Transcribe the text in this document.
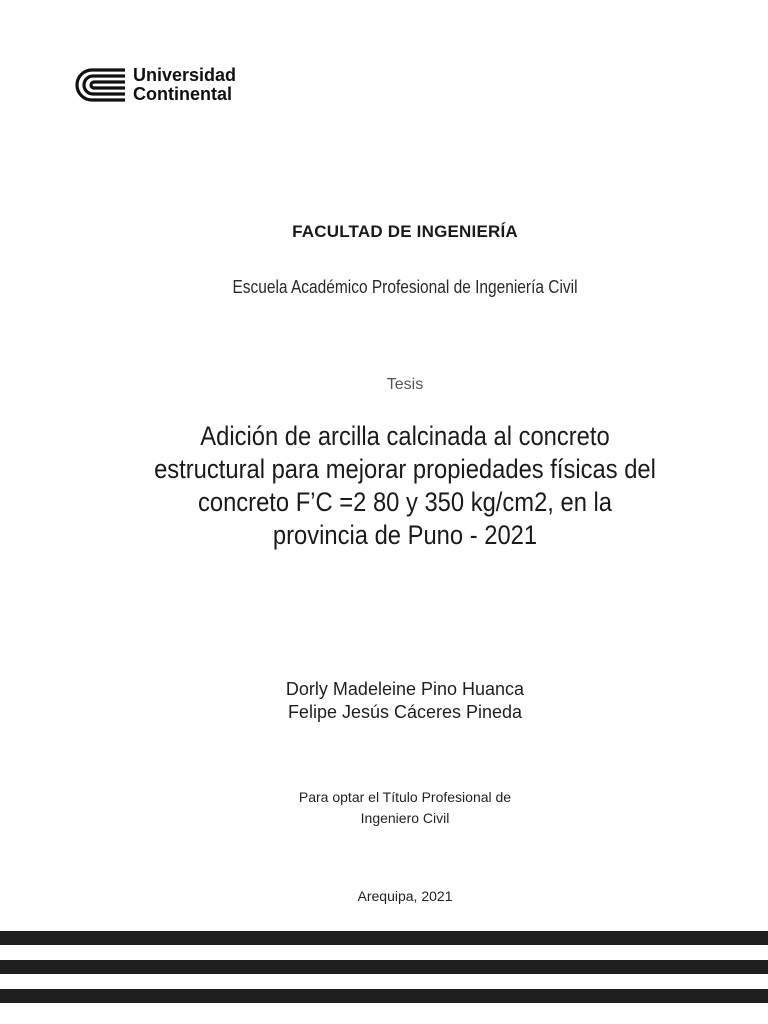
Universidad
Continental
FACULTAD DE INGENIERÍA
Escuela Académico Profesional de Ingeniería Civil
Tesis
Adición de arcilla calcinada al concreto
estructural para mejorar propiedades físicas del
concreto F’C =2 80 y 350 kg/cm2, en la
provincia de Puno - 2021
Dorly Madeleine Pino Huanca
Felipe Jesús Cáceres Pineda
Para optar el Título Profesional de
Ingeniero Civil
Arequipa, 2021
